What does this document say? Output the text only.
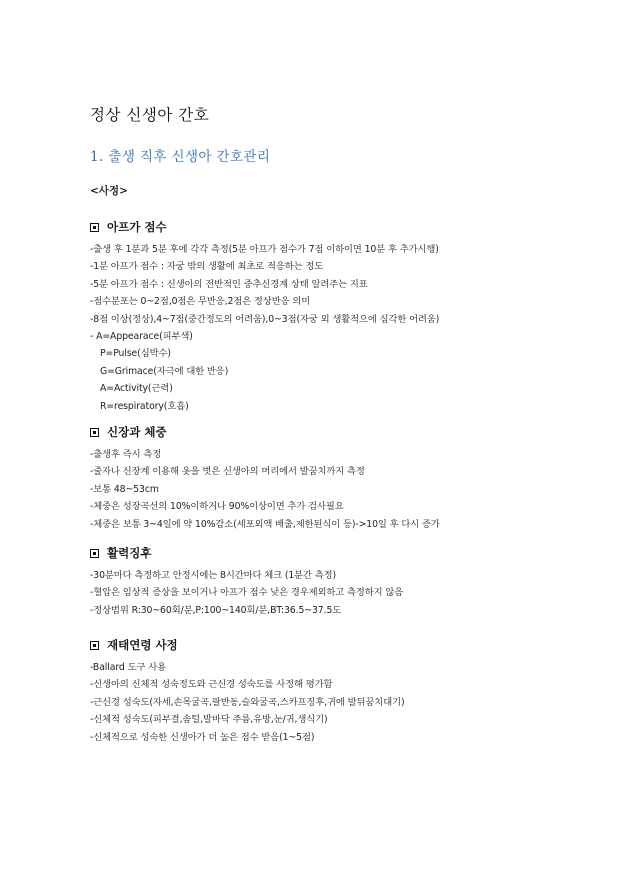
정상 신생아 간호
1. 출생 직후 신생아 간호관리
<사정>
아프가 점수
-출생 후 1분과 5분 후에 각각 측정(5분 아프가 점수가 7점 이하이면 10분 후 추가시행)
-1분 아프가 점수 : 자궁 밖의 생활에 최초로 적응하는 정도
-5분 아프가 점수 : 신생아의 전반적인 중추신경계 상태 알려주는 지표
-점수분포는 0~2점,0점은 무반응,2점은 정상반응 의미
-8점 이상(정상),4~7점(중간정도의 어려움),0~3점(자궁 외 생활적으에 심각한 어려움)
- A=Appearace(피부색)
P=Pulse(심박수)
G=Grimace(자극에 대한 반응)
A=Activity(근력)
R=respiratory(호흡)
신장과 체중
-출생후 즉시 측정
-줄자나 신장계 이용해 옷을 벗은 신생아의 머리에서 발꿈치까지 측정
-보통 48~53cm
-체중은 성장곡선의 10%이하거나 90%이상이면 추가 검사필요
-체중은 보통 3~4일에 약 10%감소(세포외액 배출,제한된식이 등)->10일 후 다시 증가
활력징후
-30분마다 측정하고 안정시에는 8시간마다 체크 (1분간 측정)
-혈압은 임상적 증상을 보이거나 아프가 점수 낮은 경우제외하고 측정하지 않음
-정상범위 R:30~60회/분,P:100~140회/분,BT:36.5~37.5도
재태연령 사정
-Ballard 도구 사용
-신생아의 신체적 성숙정도와 근신경 성숙도를 사정해 평가함
-근신경 성숙도(자세,손목굴곡,팔반동,슬와굴곡,스카프징후,귀에 발뒤꿈치대기)
-신체적 성숙도(피부결,솜털,발바닥 주름,유방,눈/귀,생식기)
-신체적으로 성숙한 신생아가 더 높은 점수 받음(1~5점)
